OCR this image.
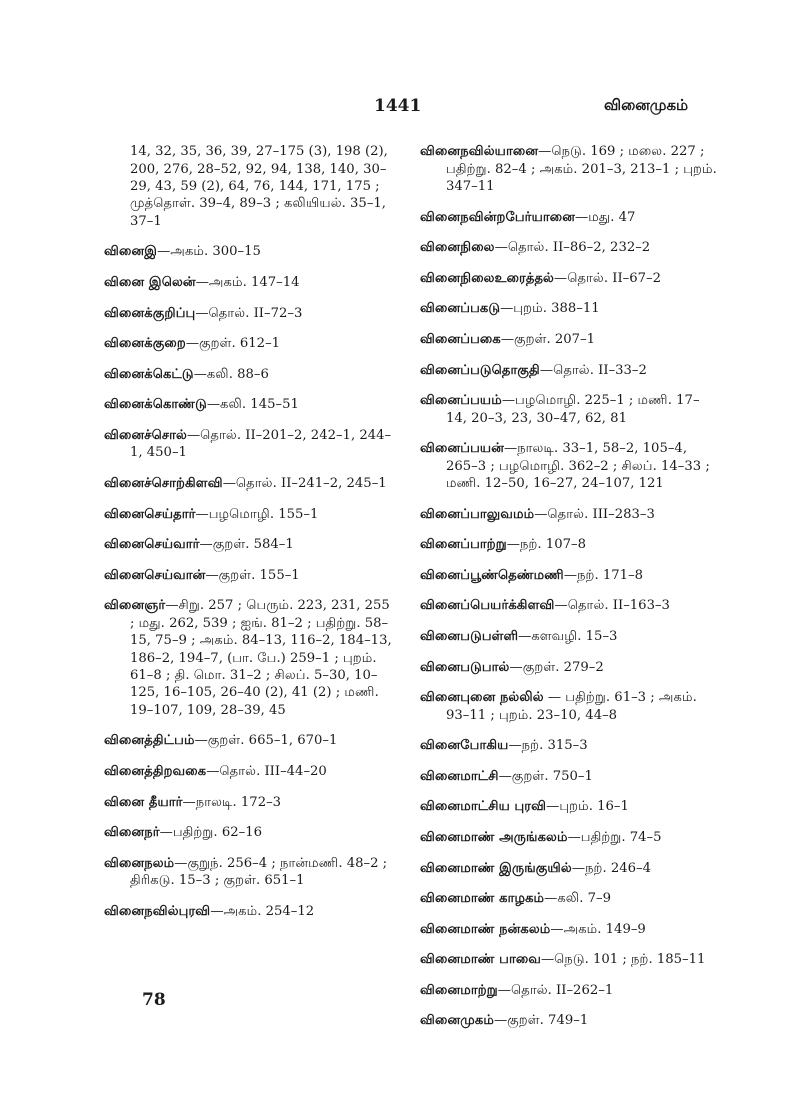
1441	வினைமுகம்

14, 32, 35, 36, 39, 27–175 (3), 198 (2), 200, 276, 28–52, 92, 94, 138, 140, 30–29, 43, 59 (2), 64, 76, 144, 171, 175 ; முத்தொள். 39–4, 89–3 ; கலியியல். 35–1, 37–1

வினைஇ—அகம். 300–15

வினை இலென்—அகம். 147–14

வினைக்குறிப்பு—தொல். II–72–3

வினைக்குறை—குறள். 612–1

வினைக்கெட்டு—கலி. 88–6

வினைக்கொண்டு—கலி. 145–51

வினைச்சொல்—தொல். II–201–2, 242–1, 244–1, 450–1

வினைச்சொற்கிளவி—தொல். II–241–2, 245–1

வினைசெய்தார்—பழமொழி. 155–1

வினைசெய்வார்—குறள். 584–1

வினைசெய்வான்—குறள். 155–1

வினைஞர்—சிறு. 257 ; பெரும். 223, 231, 255 ; மது. 262, 539 ; ஐங். 81–2 ; பதிற்று. 58–15, 75–9 ; அகம். 84–13, 116–2, 184–13, 186–2, 194–7, (பா. பே.) 259–1 ; புறம். 61–8 ; தி. மொ. 31–2 ; சிலப். 5–30, 10–125, 16–105, 26–40 (2), 41 (2) ; மணி. 19–107, 109, 28–39, 45

வினைத்திட்பம்—குறள். 665–1, 670–1

வினைத்திறவகை—தொல். III–44–20

வினை தீயார்—நாலடி. 172–3

வினைநர்—பதிற்று. 62–16

வினைநலம்—குறுந். 256–4 ; நான்மணி. 48–2 ; திரிகடு. 15–3 ; குறள். 651–1

வினைநவில்புரவி—அகம். 254–12

வினைநவில்யானை—நெடு. 169 ; மலை. 227 ; பதிற்று. 82–4 ; அகம். 201–3, 213–1 ; புறம். 347–11

வினைநவின்றபேர்யானை—மது. 47

வினைநிலை—தொல். II–86–2, 232–2

வினைநிலைஉரைத்தல்—தொல். II–67–2

வினைப்பகடு—புறம். 388–11

வினைப்பகை—குறள். 207–1

வினைப்படுதொகுதி—தொல். II–33–2

வினைப்பயம்—பழமொழி. 225–1 ; மணி. 17–14, 20–3, 23, 30–47, 62, 81

வினைப்பயன்—நாலடி. 33–1, 58–2, 105–4, 265–3 ; பழமொழி. 362–2 ; சிலப். 14–33 ; மணி. 12–50, 16–27, 24–107, 121

வினைப்பாலுவமம்—தொல். III–283–3

வினைப்பாற்று—நற். 107–8

வினைப்பூண்தெண்மணி—நற். 171–8

வினைப்பெயர்க்கிளவி—தொல். II–163–3

வினைபடுபள்ளி—களவழி. 15–3

வினைபடுபால்—குறள். 279–2

வினைபுனை நல்லில் — பதிற்று. 61–3 ; அகம். 93–11 ; புறம். 23–10, 44–8

வினைபோகிய—நற். 315–3

வினைமாட்சி—குறள். 750–1

வினைமாட்சிய புரவி—புறம். 16–1

வினைமாண் அருங்கலம்—பதிற்று. 74–5

வினைமாண் இருங்குயில்—நற். 246–4

வினைமாண் காழகம்—கலி. 7–9

வினைமாண் நன்கலம்—அகம். 149–9

வினைமாண் பாவை—நெடு. 101 ; நற். 185–11

வினைமாற்று—தொல். II–262–1

வினைமுகம்—குறள். 749–1

78
